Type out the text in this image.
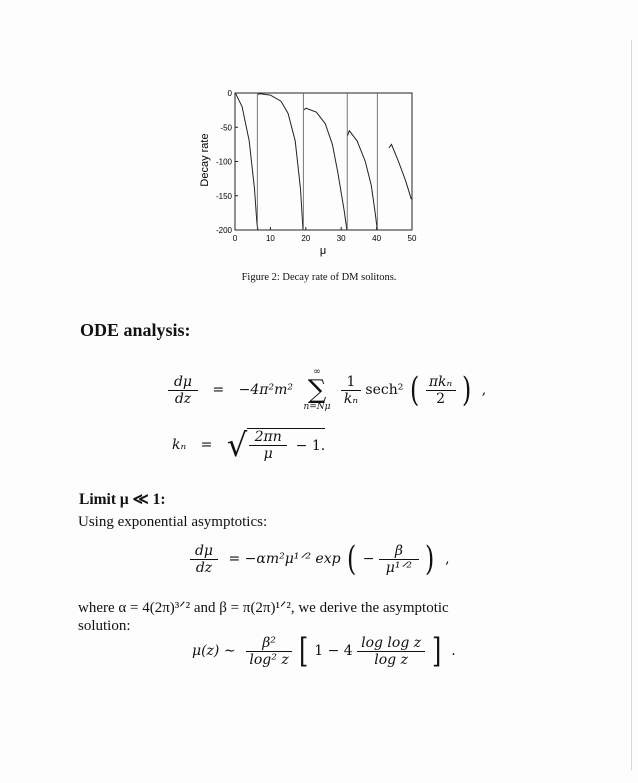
0	10	20	30	40	50
0
-50
-100
-150
-200
Decay rate
μ
Figure 2: Decay rate of DM solitons.
ODE analysis:
$\frac{d\mu}{dz} = -4\pi^2m^2$
∞
∑
n=Nμ

$\frac{1}{\text{kₙ}} \sec h^2$ ( $\frac{\text{πkₙ}}{2}$ ) ,
kₙ = √ $\frac{2\pi n}{\mu} - 1$.
Limit μ ≪ 1:
Using exponential asymptotics:
$\frac{d\mu}{dz}$ = −αm²μ¹ᐟ² exp ( − $\frac{\beta}{\text{μ¹ᐟ²}}$ ) ,
where α = 4(2π)³ᐟ² and β = π(2π)¹ᐟ², we derive the asymptotic
solution:
μ(z) ∼ $\frac{\text{β²}}{\text{log² z}}$ [ $1 - 4 \frac{\text{log log z}}{\text{log z}}$ ] .
